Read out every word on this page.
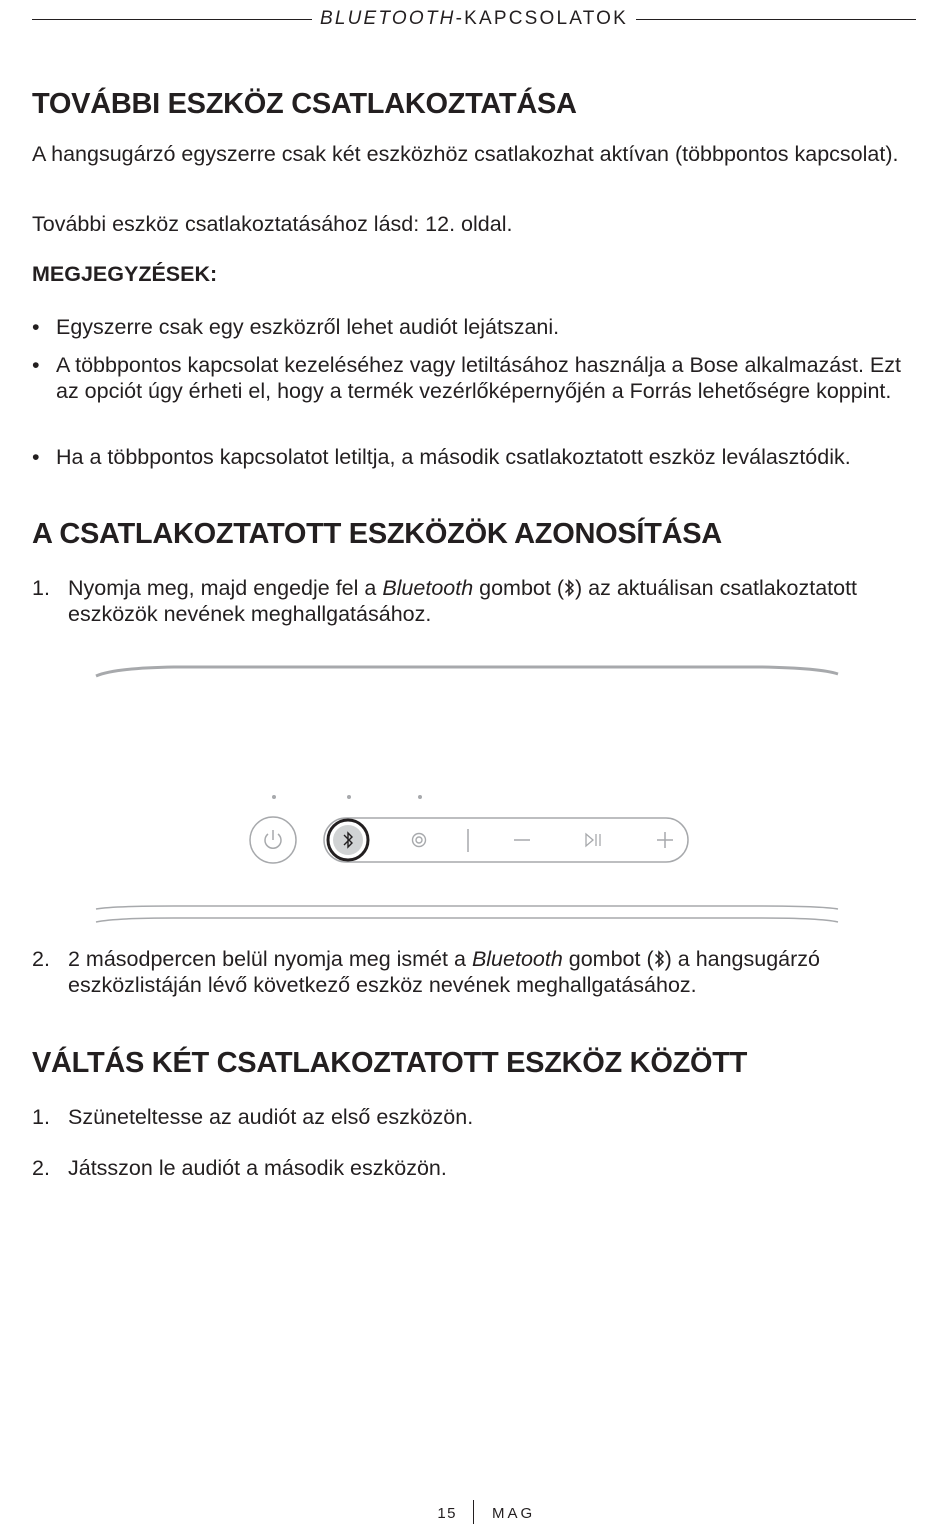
BLUETOOTH-KAPCSOLATOK
TOVÁBBI ESZKÖZ CSATLAKOZTATÁSA

A hangsugárzó egyszerre csak két eszközhöz csatlakozhat aktívan (többpontos kapcsolat).

További eszköz csatlakoztatásához lásd: 12. oldal.

MEGJEGYZÉSEK:

• Egyszerre csak egy eszközről lehet audiót lejátszani.
• A többpontos kapcsolat kezeléséhez vagy letiltásához használja a Bose alkalmazást. Ezt az opciót úgy érheti el, hogy a termék vezérlőképernyőjén a Forrás lehetőségre koppint.
• Ha a többpontos kapcsolatot letiltja, a második csatlakoztatott eszköz leválasztódik.
A CSATLAKOZTATOTT ESZKÖZÖK AZONOSÍTÁSA
1. Nyomja meg, majd engedje fel a Bluetooth gombot ( ) az aktuálisan csatlakoztatott eszközök nevének meghallgatásához.
2. 2 másodpercen belül nyomja meg ismét a Bluetooth gombot ( ) a hangsugárzó eszközlistáján lévő következő eszköz nevének meghallgatásához.
VÁLTÁS KÉT CSATLAKOZTATOTT ESZKÖZ KÖZÖTT
1. Szüneteltesse az audiót az első eszközön.
2. Játsszon le audiót a második eszközön.
15 MAG
